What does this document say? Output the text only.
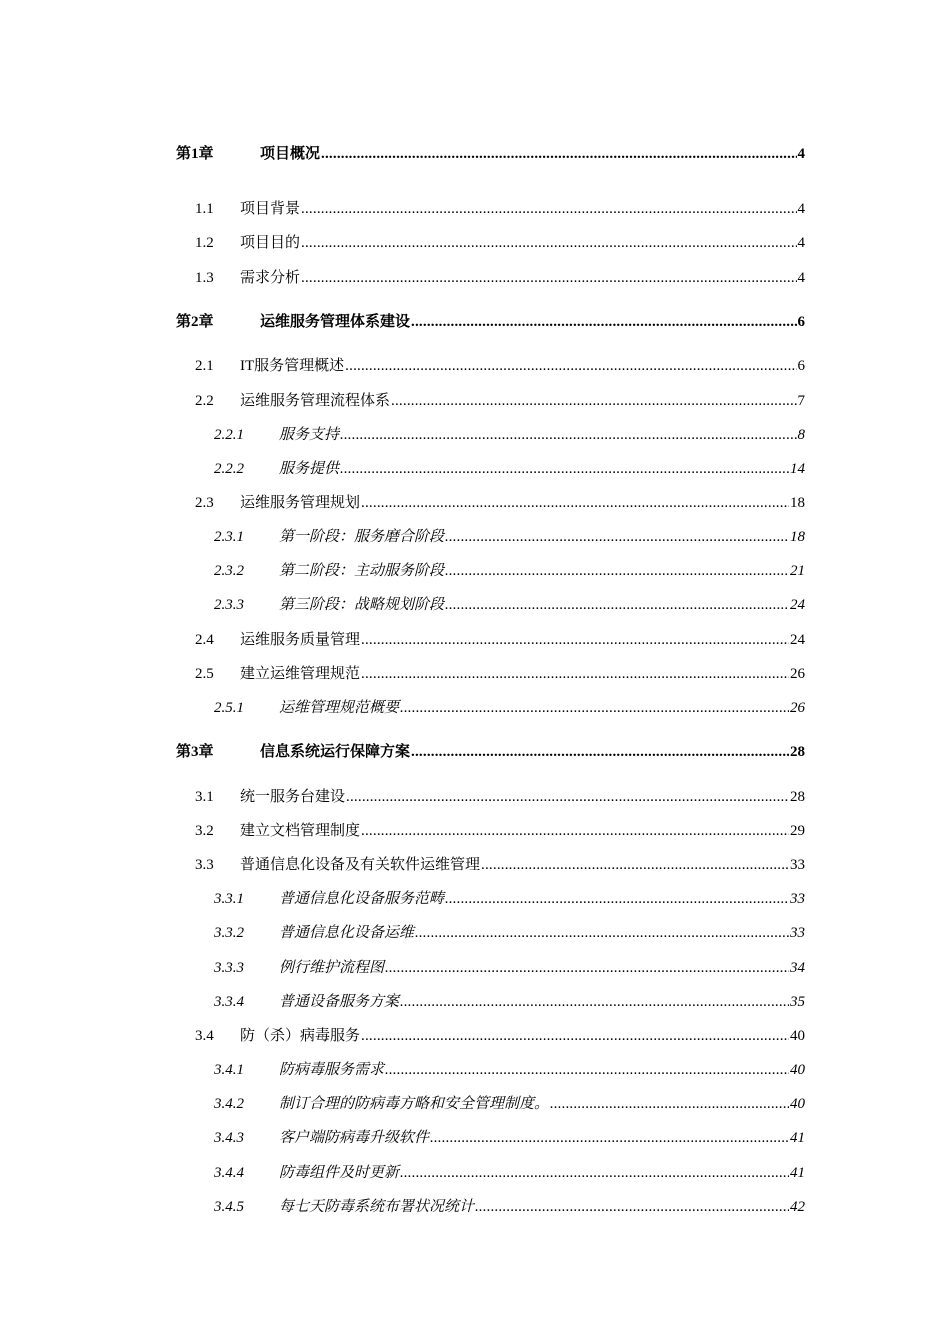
第1章	项目概况 .....	4
1.1	项目背景 .....	4
1.2	项目目的 .....	4
1.3	需求分析 .....	4
第2章	运维服务管理体系建设 .....	6
2.1	IT服务管理概述 .....	6
2.2	运维服务管理流程体系 .....	7
2.2.1	服务支持 .....	8
2.2.2	服务提供 .....	14
2.3	运维服务管理规划 .....	18
2.3.1	第一阶段：服务磨合阶段 .....	18
2.3.2	第二阶段：主动服务阶段 .....	21
2.3.3	第三阶段：战略规划阶段 .....	24
2.4	运维服务质量管理 .....	24
2.5	建立运维管理规范 .....	26
2.5.1	运维管理规范概要 .....	26
第3章	信息系统运行保障方案 .....	28
3.1	统一服务台建设 .....	28
3.2	建立文档管理制度 .....	29
3.3	普通信息化设备及有关软件运维管理 .....	33
3.3.1	普通信息化设备服务范畴 .....	33
3.3.2	普通信息化设备运维 .....	33
3.3.3	例行维护流程图 .....	34
3.3.4	普通设备服务方案 .....	35
3.4	防（杀）病毒服务 .....	40
3.4.1	防病毒服务需求 .....	40
3.4.2	制订合理的防病毒方略和安全管理制度。 .....	40
3.4.3	客户端防病毒升级软件 .....	41
3.4.4	防毒组件及时更新 .....	41
3.4.5	每七天防毒系统布署状况统计 .....	42
